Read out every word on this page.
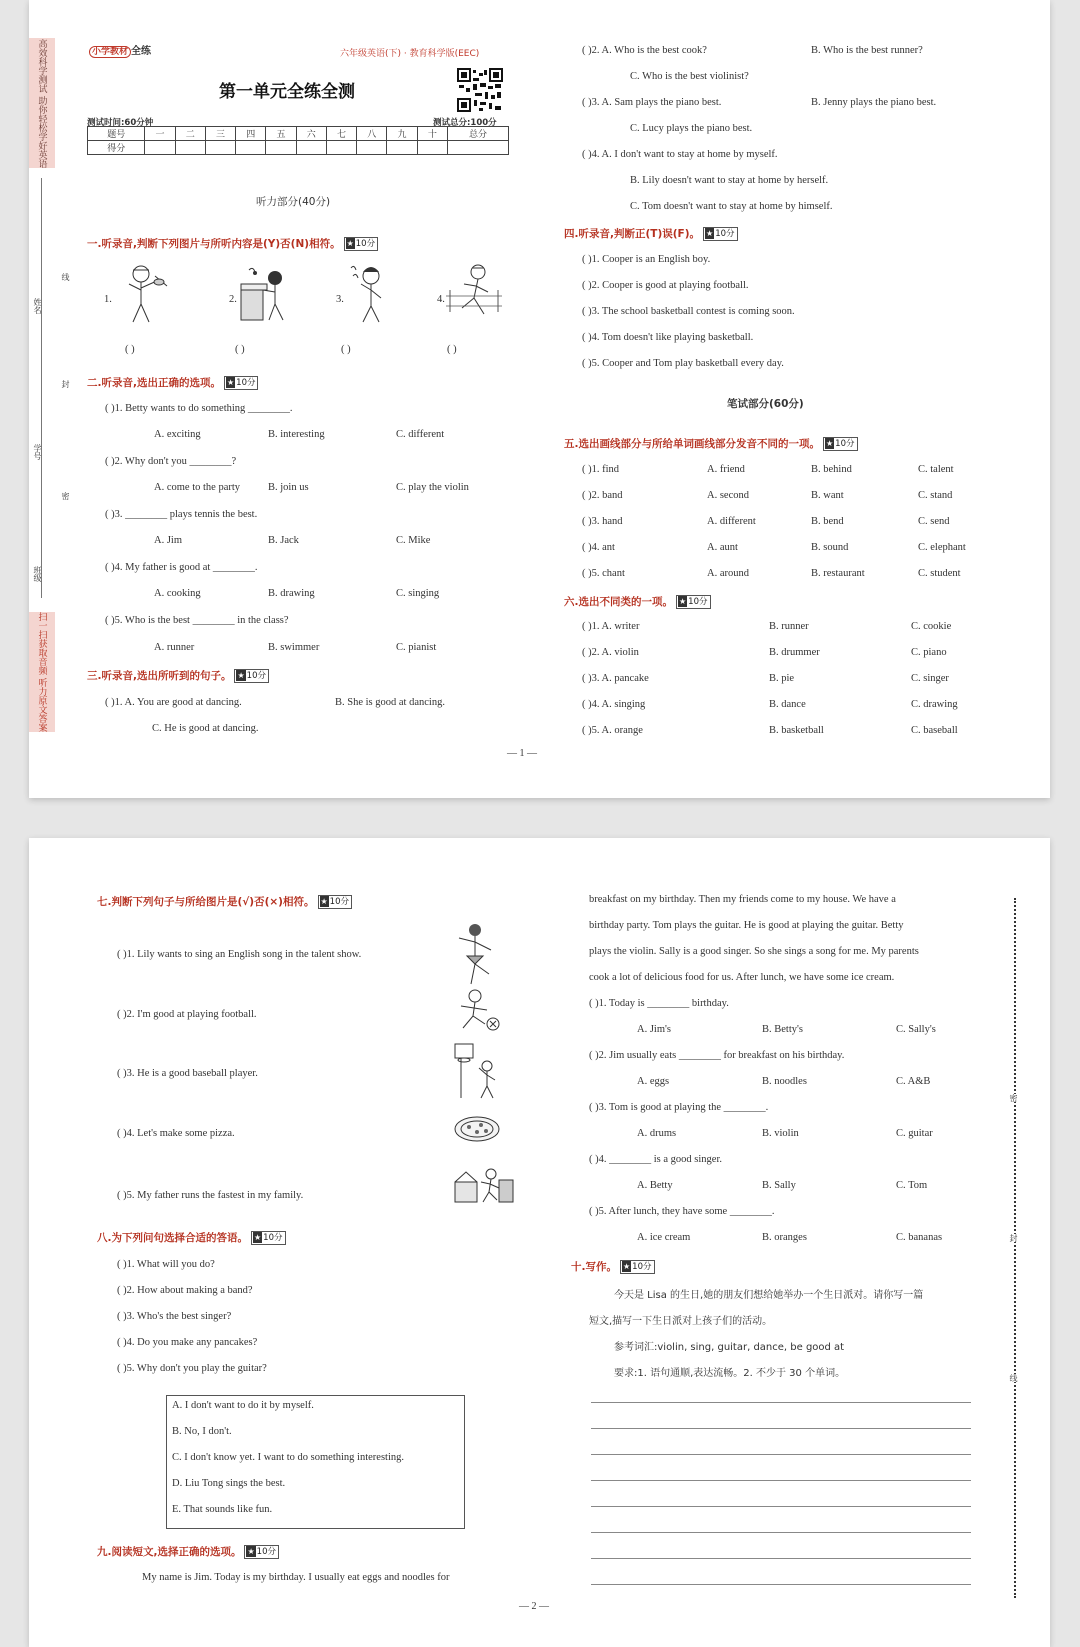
高效科学测试 助你轻松学好英语
扫一扫获取音频 听力原文答案
姓名
学号
班级
线
封
密
小学教材 全练	六年级英语(下) · 教育科学版(EEC)
第一单元全练全测
测试时间:60分钟	测试总分:100分
题号	一	二	三	四	五	六	七	八	九	十	总分
得分											
听力部分(40分)
一.听录音,判断下列图片与所听内容是(Y)否(N)相符。 ★ 10分
1.	2.	3.	4.
( )	( )	( )	( )
二.听录音,选出正确的选项。 ★ 10分
( )1. Betty wants to do something ________.
A. exciting	B. interesting	C. different
( )2. Why don't you ________?
A. come to the party	B. join us	C. play the violin
( )3. ________ plays tennis the best.
A. Jim	B. Jack	C. Mike
( )4. My father is good at ________.
A. cooking	B. drawing	C. singing
( )5. Who is the best ________ in the class?
A. runner	B. swimmer	C. pianist
三.听录音,选出所听到的句子。 ★ 10分
( )1. A. You are good at dancing.	B. She is good at dancing.
C. He is good at dancing.
( )2. A. Who is the best cook?	B. Who is the best runner?
C. Who is the best violinist?
( )3. A. Sam plays the piano best.	B. Jenny plays the piano best.
C. Lucy plays the piano best.
( )4. A. I don't want to stay at home by myself.
B. Lily doesn't want to stay at home by herself.
C. Tom doesn't want to stay at home by himself.
四.听录音,判断正(T)误(F)。 ★ 10分
( )1. Cooper is an English boy.
( )2. Cooper is good at playing football.
( )3. The school basketball contest is coming soon.
( )4. Tom doesn't like playing basketball.
( )5. Cooper and Tom play basketball every day.
笔试部分(60分)
五.选出画线部分与所给单词画线部分发音不同的一项。 ★ 10分
( )1. find	A. friend	B. behind	C. talent
( )2. band	A. second	B. want	C. stand
( )3. hand	A. different	B. bend	C. send
( )4. ant	A. aunt	B. sound	C. elephant
( )5. chant	A. around	B. restaurant	C. student
六.选出不同类的一项。 ★ 10分
( )1. A. writer	B. runner	C. cookie
( )2. A. violin	B. drummer	C. piano
( )3. A. pancake	B. pie	C. singer
( )4. A. singing	B. dance	C. drawing
( )5. A. orange	B. basketball	C. baseball
— 1 —
七.判断下列句子与所给图片是(√)否(×)相符。 ★ 10分
( )1. Lily wants to sing an English song in the talent show.
( )2. I'm good at playing football.
( )3. He is a good baseball player.
( )4. Let's make some pizza.
( )5. My father runs the fastest in my family.
八.为下列问句选择合适的答语。 ★ 10分
( )1. What will you do?
( )2. How about making a band?
( )3. Who's the best singer?
( )4. Do you make any pancakes?
( )5. Why don't you play the guitar?
A. I don't want to do it by myself.
B. No, I don't.
C. I don't know yet. I want to do something interesting.
D. Liu Tong sings the best.
E. That sounds like fun.
九.阅读短文,选择正确的选项。 ★ 10分
My name is Jim. Today is my birthday. I usually eat eggs and noodles for
breakfast on my birthday. Then my friends come to my house. We have a
birthday party. Tom plays the guitar. He is good at playing the guitar. Betty
plays the violin. Sally is a good singer. So she sings a song for me. My parents
cook a lot of delicious food for us. After lunch, we have some ice cream.
( )1. Today is ________ birthday.
A. Jim's	B. Betty's	C. Sally's
( )2. Jim usually eats ________ for breakfast on his birthday.
A. eggs	B. noodles	C. A&B
( )3. Tom is good at playing the ________.
A. drums	B. violin	C. guitar
( )4. ________ is a good singer.
A. Betty	B. Sally	C. Tom
( )5. After lunch, they have some ________.
A. ice cream	B. oranges	C. bananas
十.写作。 ★ 10分
今天是 Lisa 的生日,她的朋友们想给她举办一个生日派对。请你写一篇
短文,描写一下生日派对上孩子们的活动。
参考词汇:violin, sing, guitar, dance, be good at
要求:1. 语句通顺,表达流畅。2. 不少于 30 个单词。
密
封
线
— 2 —
